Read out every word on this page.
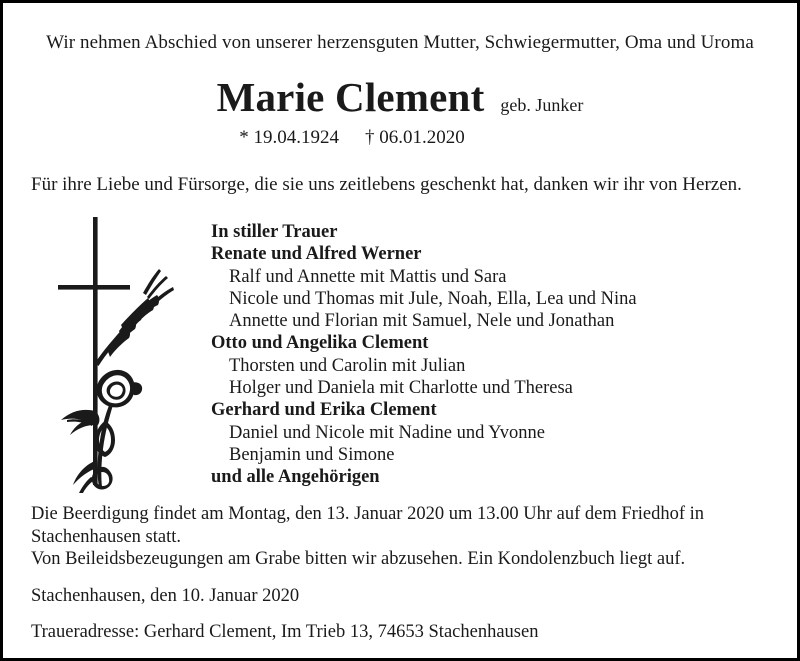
Wir nehmen Abschied von unserer herzensguten Mutter, Schwiegermutter, Oma und Uroma
Marie Clement geb. Junker
* 19.04.1924 † 06.01.2020
Für ihre Liebe und Fürsorge, die sie uns zeitlebens geschenkt hat, danken wir ihr von Herzen.
In stiller Trauer
Renate und Alfred Werner
Ralf und Annette mit Mattis und Sara
Nicole und Thomas mit Jule, Noah, Ella, Lea und Nina
Annette und Florian mit Samuel, Nele und Jonathan
Otto und Angelika Clement
Thorsten und Carolin mit Julian
Holger und Daniela mit Charlotte und Theresa
Gerhard und Erika Clement
Daniel und Nicole mit Nadine und Yvonne
Benjamin und Simone
und alle Angehörigen
Die Beerdigung findet am Montag, den 13. Januar 2020 um 13.00 Uhr auf dem Friedhof in
Stachenhausen statt.
Von Beileidsbezeugungen am Grabe bitten wir abzusehen. Ein Kondolenzbuch liegt auf.
Stachenhausen, den 10. Januar 2020
Traueradresse: Gerhard Clement, Im Trieb 13, 74653 Stachenhausen
